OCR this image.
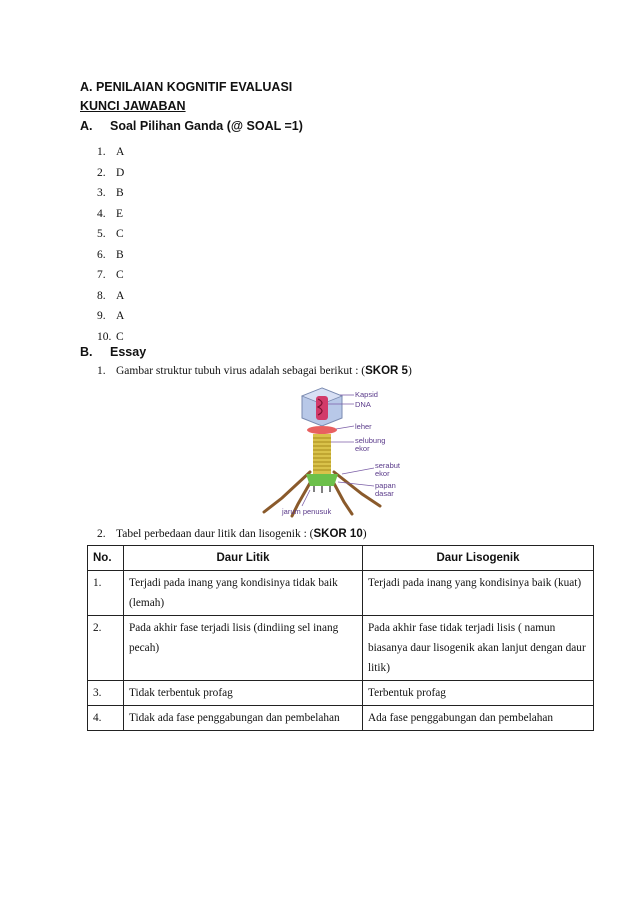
A. PENILAIAN KOGNITIF EVALUASI
KUNCI JAWABAN
A. Soal Pilihan Ganda (@ SOAL =1)
1. A
2. D
3. B
4. E
5. C
6. B
7. C
8. A
9. A
10. C
B. Essay
1. Gambar struktur tubuh virus adalah sebagai berikut : (SKOR 5)
Kapsid
DNA
leher
selubung
ekor
serabut
ekor
papan
dasar
jarum penusuk
2. Tabel perbedaan daur litik dan lisogenik : (SKOR 10)
No.	Daur Litik	Daur Lisogenik
1.	Terjadi pada inang yang kondisinya tidak baik (lemah)	Terjadi pada inang yang kondisinya baik (kuat)
2.	Pada akhir fase terjadi lisis (dindiing sel inang pecah)	Pada akhir fase tidak terjadi lisis ( namun biasanya daur lisogenik akan lanjut dengan daur litik)
3.	Tidak terbentuk profag	Terbentuk profag
4.	Tidak ada fase penggabungan dan pembelahan	Ada fase penggabungan dan pembelahan
